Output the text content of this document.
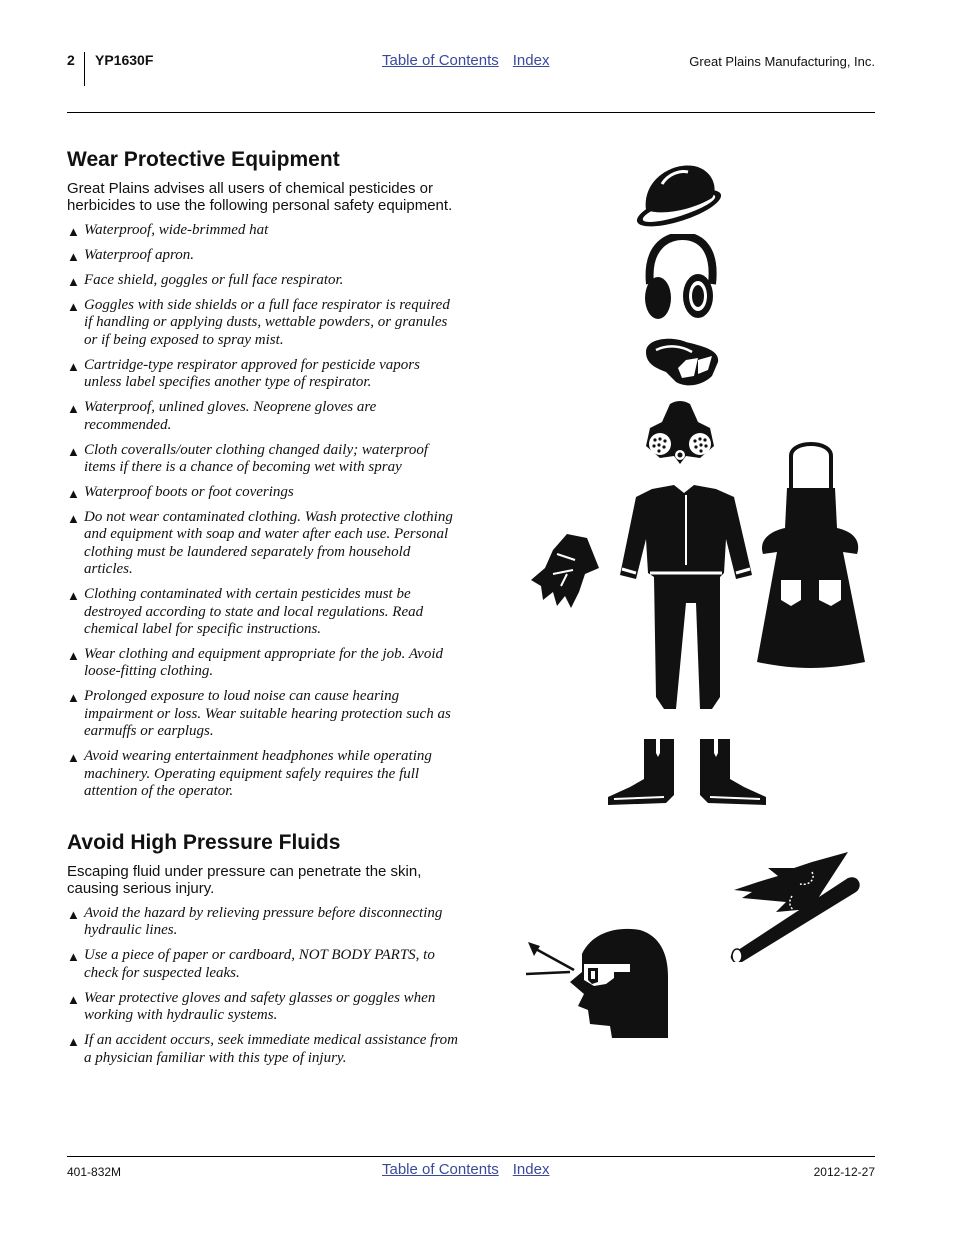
2 YP1630F	Table of Contents Index	Great Plains Manufacturing, Inc.
Wear Protective Equipment

Great Plains advises all users of chemical pesticides or herbicides to use the following personal safety equipment.

▲ Waterproof, wide-brimmed hat
▲ Waterproof apron.
▲ Face shield, goggles or full face respirator.
▲ Goggles with side shields or a full face respirator is required if handling or applying dusts, wettable powders, or granules or if being exposed to spray mist.
▲ Cartridge-type respirator approved for pesticide vapors unless label specifies another type of respirator.
▲ Waterproof, unlined gloves. Neoprene gloves are recommended.
▲ Cloth coveralls/outer clothing changed daily; waterproof items if there is a chance of becoming wet with spray
▲ Waterproof boots or foot coverings
▲ Do not wear contaminated clothing. Wash protective clothing and equipment with soap and water after each use. Personal clothing must be laundered separately from household articles.
▲ Clothing contaminated with certain pesticides must be destroyed according to state and local regulations. Read chemical label for specific instructions.
▲ Wear clothing and equipment appropriate for the job. Avoid loose-fitting clothing.
▲ Prolonged exposure to loud noise can cause hearing impairment or loss. Wear suitable hearing protection such as earmuffs or earplugs.
▲ Avoid wearing entertainment headphones while operating machinery. Operating equipment safely requires the full attention of the operator.
Avoid High Pressure Fluids

Escaping fluid under pressure can penetrate the skin, causing serious injury.

▲ Avoid the hazard by relieving pressure before disconnecting hydraulic lines.
▲ Use a piece of paper or cardboard, NOT BODY PARTS, to check for suspected leaks.
▲ Wear protective gloves and safety glasses or goggles when working with hydraulic systems.
▲ If an accident occurs, seek immediate medical assistance from a physician familiar with this type of injury.
401-832M	Table of Contents Index	2012-12-27
